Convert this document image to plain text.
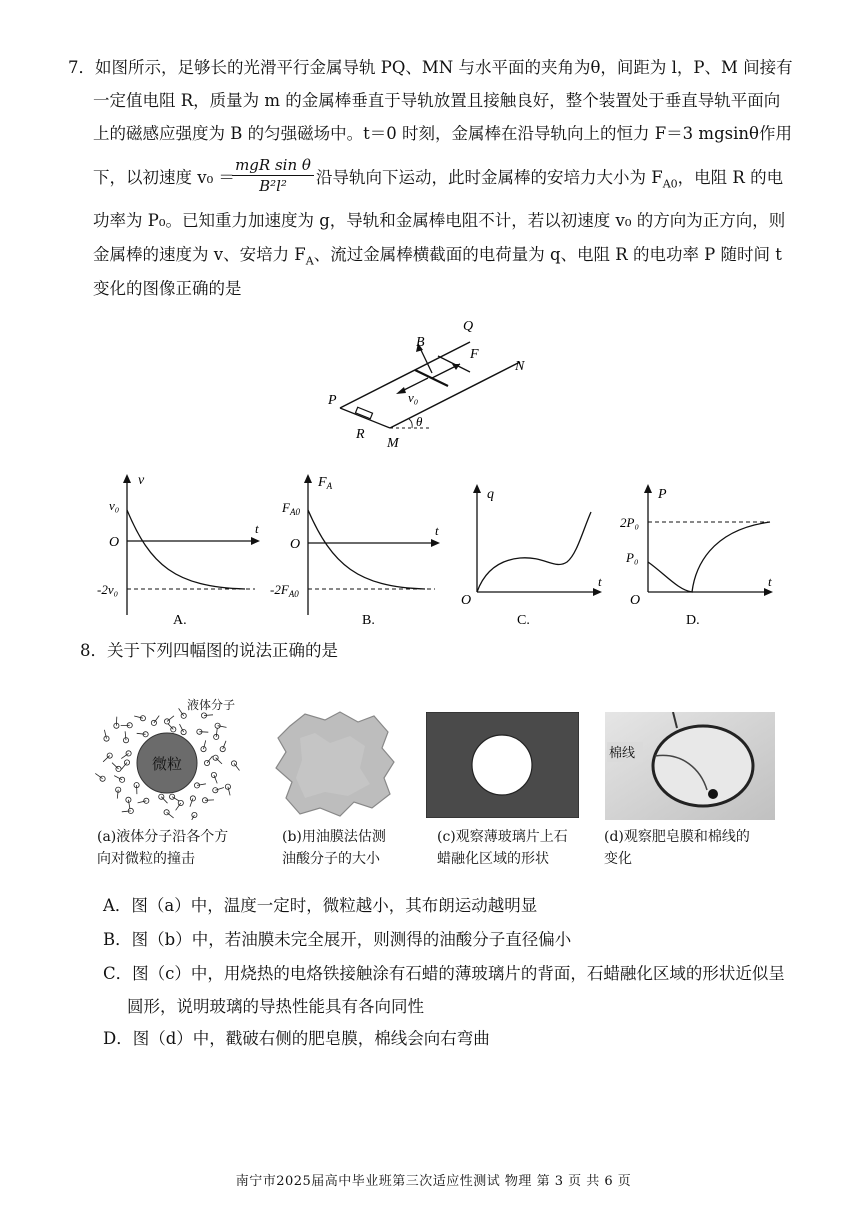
7．如图所示，足够长的光滑平行金属导轨 PQ、MN 与水平面的夹角为θ，间距为 l，P、M 间接有
一定值电阻 R，质量为 m 的金属棒垂直于导轨放置且接触良好，整个装置处于垂直导轨平面向
上的磁感应强度为 B 的匀强磁场中。t＝0 时刻，金属棒在沿导轨向上的恒力 F＝3 mgsinθ作用
下，以初速度 v₀ ＝
mgR sin θ
B²l²	沿导轨向下运动，此时金属棒的安培力大小为 $F_{A0}$，电阻 R 的电
功率为 P₀。已知重力加速度为 g，导轨和金属棒电阻不计，若以初速度 v₀ 的方向为正方向，则
金属棒的速度为 v、安培力 $F_A$、流过金属棒横截面的电荷量为 q、电阻 R 的电功率 P 随时间 t
变化的图像正确的是
Q
B
F
N
P	v₀
R
M
θ
v
t
v₀
O
-2v₀
A.
$F_A$
t
$F_{A0}$
O
$-2F_{A0}$
B.
q
t
O
C.
P
t
2P₀
P₀
O
D.
8．关于下列四幅图的说法正确的是
微粒
液体分子
棉线
(a)液体分子沿各个方
向对微粒的撞击
(b)用油膜法估测
油酸分子的大小
(c)观察薄玻璃片上石
蜡融化区域的形状
(d)观察肥皂膜和棉线的
变化
A．图（a）中，温度一定时，微粒越小，其布朗运动越明显
B．图（b）中，若油膜未完全展开，则测得的油酸分子直径偏小
C．图（c）中，用烧热的电烙铁接触涂有石蜡的薄玻璃片的背面，石蜡融化区域的形状近似呈
圆形，说明玻璃的导热性能具有各向同性
D．图（d）中，戳破右侧的肥皂膜，棉线会向右弯曲
南宁市2025届高中毕业班第三次适应性测试 物理 第 3 页 共 6 页
